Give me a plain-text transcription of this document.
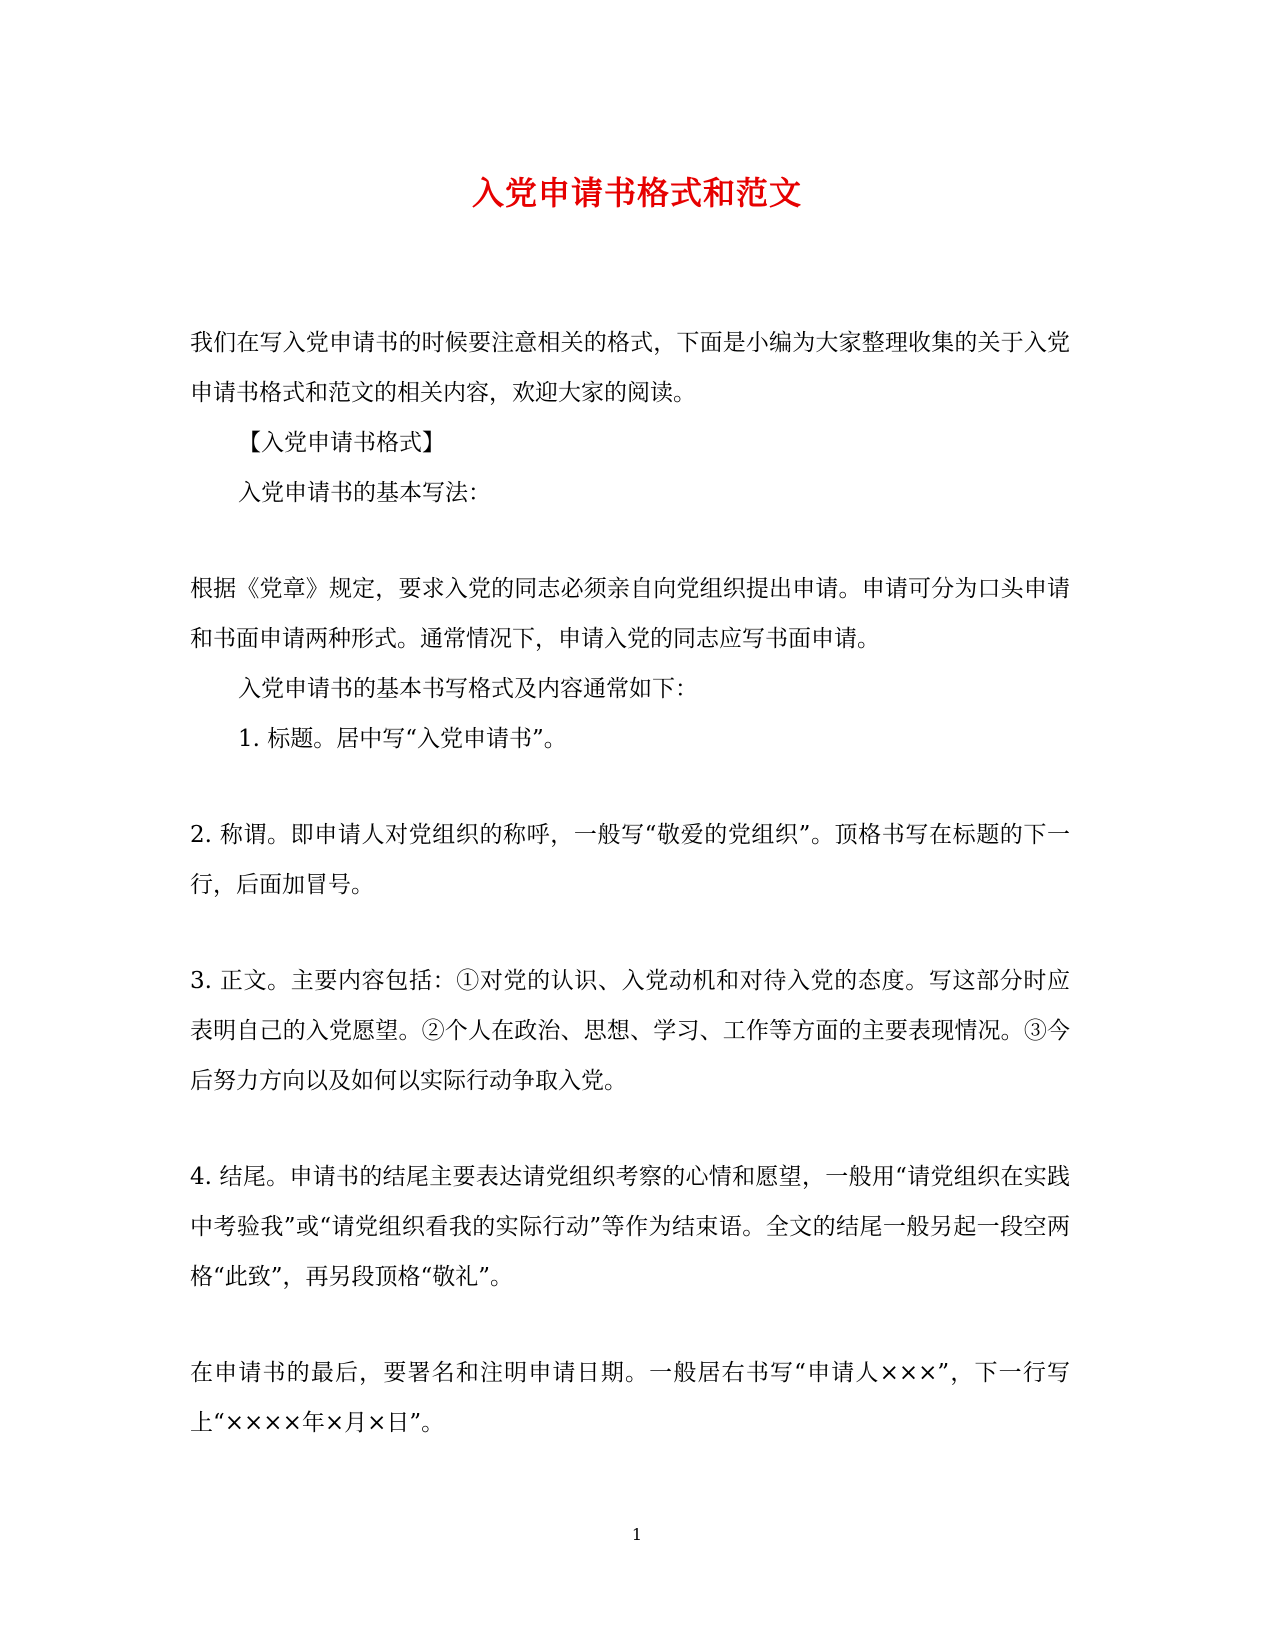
入党申请书格式和范文

我们在写入党申请书的时候要注意相关的格式，下面是小编为大家整理收集的关于入党申请书格式和范文的相关内容，欢迎大家的阅读。

【入党申请书格式】

入党申请书的基本写法：

根据《党章》规定，要求入党的同志必须亲自向党组织提出申请。申请可分为口头申请和书面申请两种形式。通常情况下，申请入党的同志应写书面申请。

入党申请书的基本书写格式及内容通常如下：

1. 标题。居中写“入党申请书”。

2. 称谓。即申请人对党组织的称呼，一般写“敬爱的党组织”。顶格书写在标题的下一行，后面加冒号。

3. 正文。主要内容包括：①对党的认识、入党动机和对待入党的态度。写这部分时应表明自己的入党愿望。②个人在政治、思想、学习、工作等方面的主要表现情况。③今后努力方向以及如何以实际行动争取入党。

4. 结尾。申请书的结尾主要表达请党组织考察的心情和愿望，一般用“请党组织在实践中考验我”或“请党组织看我的实际行动”等作为结束语。全文的结尾一般另起一段空两格“此致”，再另段顶格“敬礼”。

在申请书的最后，要署名和注明申请日期。一般居右书写“申请人×××”，下一行写上“××××年×月×日”。

1
